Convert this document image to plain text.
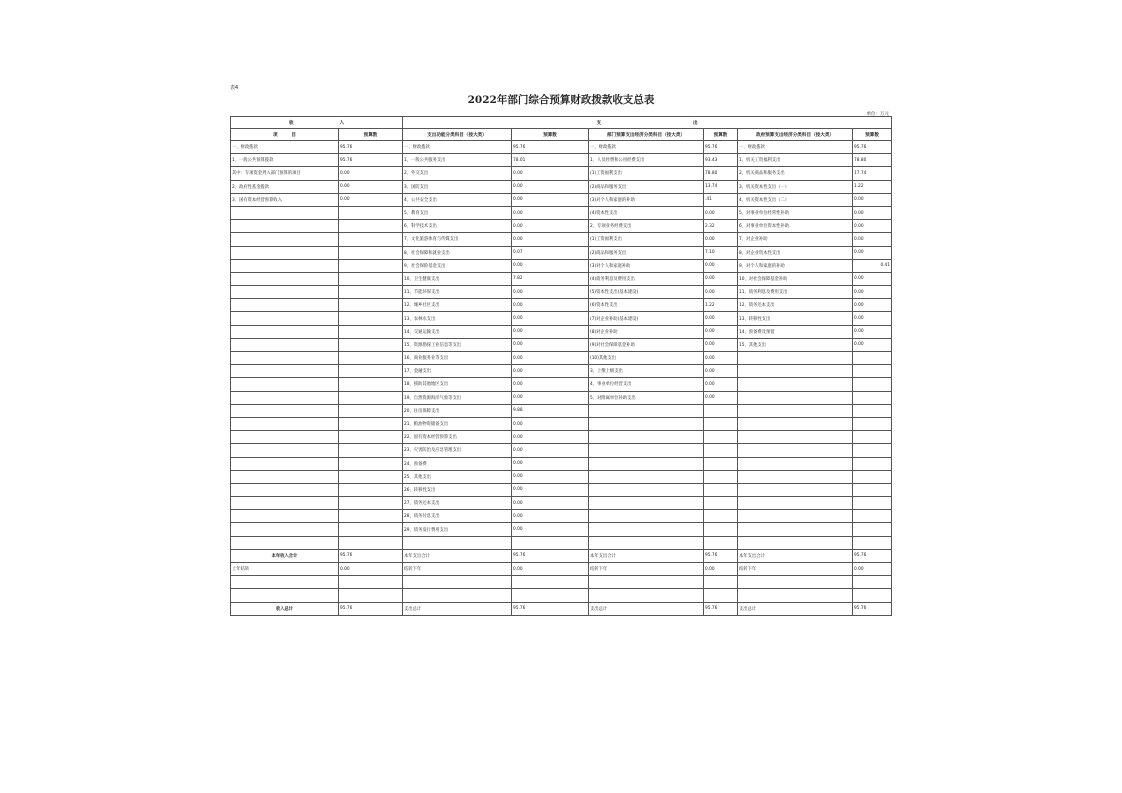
表4
2022年部门综合预算财政拨款收支总表
单位：万元
收　　　　　　　　　　入		支　　　　　　　　　　　　　　　　　　　　出					
项　　　目	预算数	支出功能分类科目（按大类）	预算数	部门预算支出经济分类科目（按大类）	预算数	政府预算支出经济分类科目（按大类）	预算数
一、财政拨款	95.76	一、财政拨款	95.76	一、财政拨款	95.76	一、财政拨款	95.76
1、一般公共预算拨款	95.76	1、一般公共服务支出	78.01	1、人员经费和公用经费支出	93.43	1、机关工资福利支出	78.80
其中：专项资金列入部门预算的项目	0.00	2、外交支出	0.00	(1)工资福利支出	78.80	2、机关商品和服务支出	17.74
2、政府性基金拨款	0.00	3、国防支出	0.00	(2)商品和服务支出	13.74	3、机关资本性支出（一）	1.22
3、国有资本经营预算收入	0.00	4、公共安全支出	0.00	(3)对个人和家庭的补助	.41	4、机关资本性支出（二）	0.00
		5、教育支出	0.00	(4)资本性支出	0.00	5、对事业单位经常性补助	0.00
		6、科学技术支出	0.00	2、专项业务经费支出	2.32	6、对事业单位资本性补助	0.00
		7、文化旅游体育与传媒支出	0.00	(1)工资福利支出	0.00	7、对企业补助	0.00
		8、社会保障和就业支出	0.07	(2)商品和服务支出	7.10	8、对企业资本性支出	0.00
		9、社会保险基金支出	0.00	(3)对个人和家庭补助	0.00	9、对个人和家庭的补助	0.41
		10、卫生健康支出	7.82	(4)债务利息及费用支出	0.00	10、对社会保障基金补助	0.00
		11、节能环保支出	0.00	(5)资本性支出(基本建设)	0.00	11、债务利息及费用支出	0.00
		12、城乡社区支出	0.00	(6)资本性支出	1.22	12、债务还本支出	0.00
		13、农林水支出	0.00	(7)对企业补助(基本建设)	0.00	13、转移性支出	0.00
		14、交通运输支出	0.00	(8)对企业补助	0.00	14、预备费及预留	0.00
		15、资源勘探工业信息等支出	0.00	(9)对社会保障基金补助	0.00	15、其他支出	0.00
		16、商业服务业等支出	0.00	(10)其他支出	0.00		
		17、金融支出	0.00	3、上缴上级支出	0.00		
		18、援助其他地区支出	0.00	4、事业单位经营支出	0.00		
		19、自然资源海洋气象等支出	0.00	5、对附属单位补助支出	0.00		
		20、住房保障支出	9.88				
		21、粮油物资储备支出	0.00				
		22、国有资本经营预算支出	0.00				
		23、灾害防治及应急管理支出	0.00				
		24、预备费	0.00				
		25、其他支出	0.00				
		26、转移性支出	0.00				
		27、债务还本支出	0.00				
		28、债务付息支出	0.00				
		29、债务发行费用支出	0.00				

本年收入合计	95.76	本年支出合计	95.76	本年支出合计	95.76	本年支出合计	95.76
上年结转	0.00	结转下年	0.00	结转下年	0.00	结转下年	0.00

收入总计	95.76	支出总计	95.76	支出总计	95.76	支出总计	95.76
